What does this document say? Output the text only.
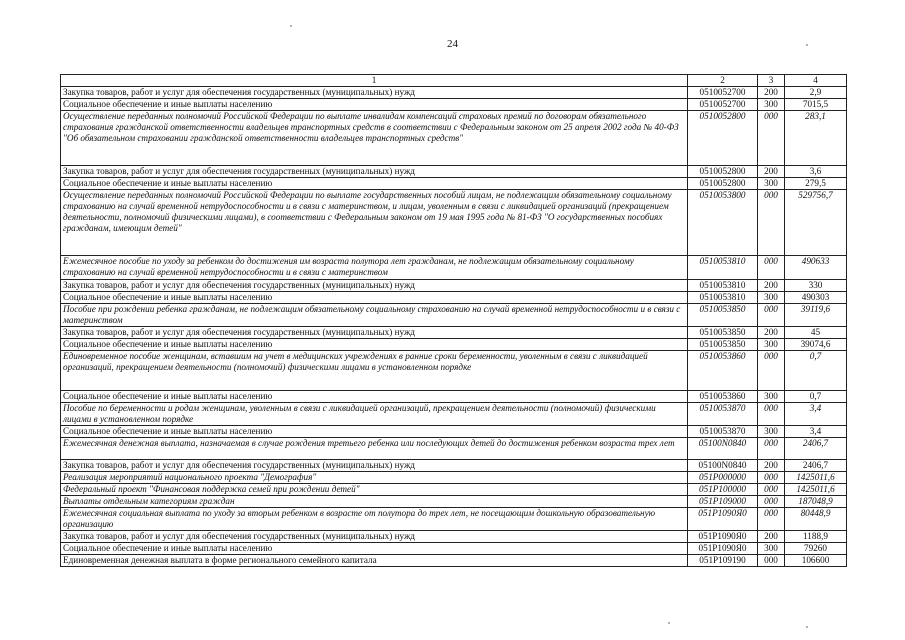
24
1	2	3	4
Закупка товаров, работ и услуг для обеспечения государственных (муниципальных) нужд	0510052700	200	2,9
Социальное обеспечение и иные выплаты населению	0510052700	300	7015,5
Осуществление переданных полномочий Российской Федерации по выплате инвалидам компенсаций страховых премий по договорам обязательного страхования гражданской ответственности владельцев транспортных средств в соответствии с Федеральным законом от 25 апреля 2002 года № 40-ФЗ "Об обязательном страховании гражданской ответственности владельцев транспортных средств"	0510052800	000	283,1
Закупка товаров, работ и услуг для обеспечения государственных (муниципальных) нужд	0510052800	200	3,6
Социальное обеспечение и иные выплаты населению	0510052800	300	279,5
Осуществление переданных полномочий Российской Федерации по выплате государственных пособий лицам, не подлежащим обязательному социальному страхованию на случай временной нетрудоспособности и в связи с материнством, и лицам, уволенным в связи с ликвидацией организаций (прекращением деятельности, полномочий физическими лицами), в соответствии с Федеральным законом от 19 мая 1995 года № 81-ФЗ "О государственных пособиях гражданам, имеющим детей"	0510053800	000	529756,7
Ежемесячное пособие по уходу за ребенком до достижения им возраста полутора лет гражданам, не подлежащим обязательному социальному страхованию на случай временной нетрудоспособности и в связи с материнством	0510053810	000	490633
Закупка товаров, работ и услуг для обеспечения государственных (муниципальных) нужд	0510053810	200	330
Социальное обеспечение и иные выплаты населению	0510053810	300	490303
Пособие при рождении ребенка гражданам, не подлежащим обязательному социальному страхованию на случай временной нетрудоспособности и в связи с материнством	0510053850	000	39119,6
Закупка товаров, работ и услуг для обеспечения государственных (муниципальных) нужд	0510053850	200	45
Социальное обеспечение и иные выплаты населению	0510053850	300	39074,6
Единовременное пособие женщинам, вставшим на учет в медицинских учреждениях в ранние сроки беременности, уволенным в связи с ликвидацией организаций, прекращением деятельности (полномочий) физическими лицами в установленном порядке	0510053860	000	0,7
Социальное обеспечение и иные выплаты населению	0510053860	300	0,7
Пособие по беременности и родам женщинам, уволенным в связи с ликвидацией организаций, прекращением деятельности (полномочий) физическими лицами в установленном порядке	0510053870	000	3,4
Социальное обеспечение и иные выплаты населению	0510053870	300	3,4
Ежемесячная денежная выплата, назначаемая в случае рождения третьего ребенка или последующих детей до достижения ребенком возраста трех лет	05100N0840	000	2406,7
Закупка товаров, работ и услуг для обеспечения государственных (муниципальных) нужд	05100N0840	200	2406,7
Реализация мероприятий национального проекта "Демография"	051P000000	000	1425011,6
Федеральный проект "Финансовая поддержка семей при рождении детей"	051P100000	000	1425011,6
Выплаты отдельным категориям граждан	051P109000	000	187048,9
Ежемесячная социальная выплата по уходу за вторым ребенком в возрасте от полутора до трех лет, не посещающим дошкольную образовательную организацию	051P1090Я0	000	80448,9
Закупка товаров, работ и услуг для обеспечения государственных (муниципальных) нужд	051P1090Я0	200	1188,9
Социальное обеспечение и иные выплаты населению	051P1090Я0	300	79260
Единовременная денежная выплата в форме регионального семейного капитала	051P109190	000	106600
